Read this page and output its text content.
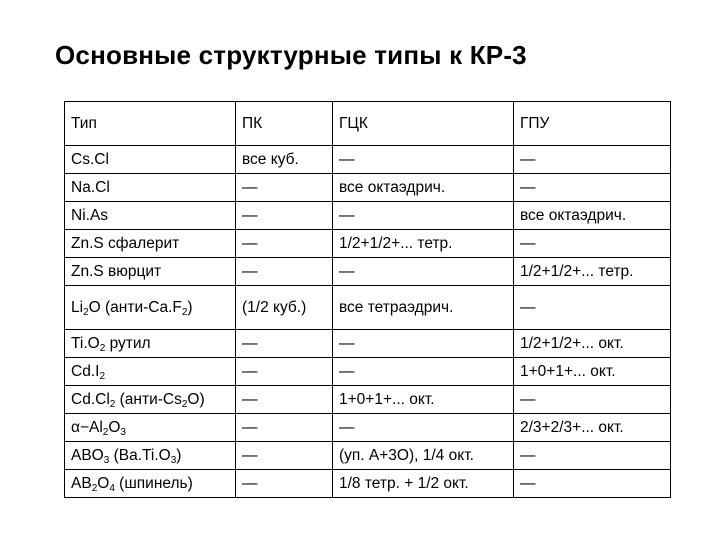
Основные структурные типы к КР-3
Тип	ПК	ГЦК	ГПУ
Cs.Cl	все куб.	—	—
Na.Cl	—	все октаэдрич.	—
Ni.As	—	—	все октаэдрич.
Zn.S сфалерит	—	1/2+1/2+... тетр.	—
Zn.S вюрцит	—	—	1/2+1/2+... тетр.
$Li_2O$ $(анти-Ca.F_2)$	(1/2 куб.)	все тетраэдрич.	—
$Ti.O_2$ рутил	—	—	1/2+1/2+... окт.
$Cd.I_2$	—	—	1+0+1+... окт.
$Cd.Cl_2$ $(анти-Cs_2O)$	—	1+0+1+... окт.	—
$\alpha-Al_2O_3$	—	—	2/3+2/3+... окт.
$ABO_3$ $(Ba.Ti.O_3)$	—	(уп. А+3О), 1/4 окт.	—
$AB_2O_4$ (шпинель)	—	1/8 тетр. + 1/2 окт.	—
